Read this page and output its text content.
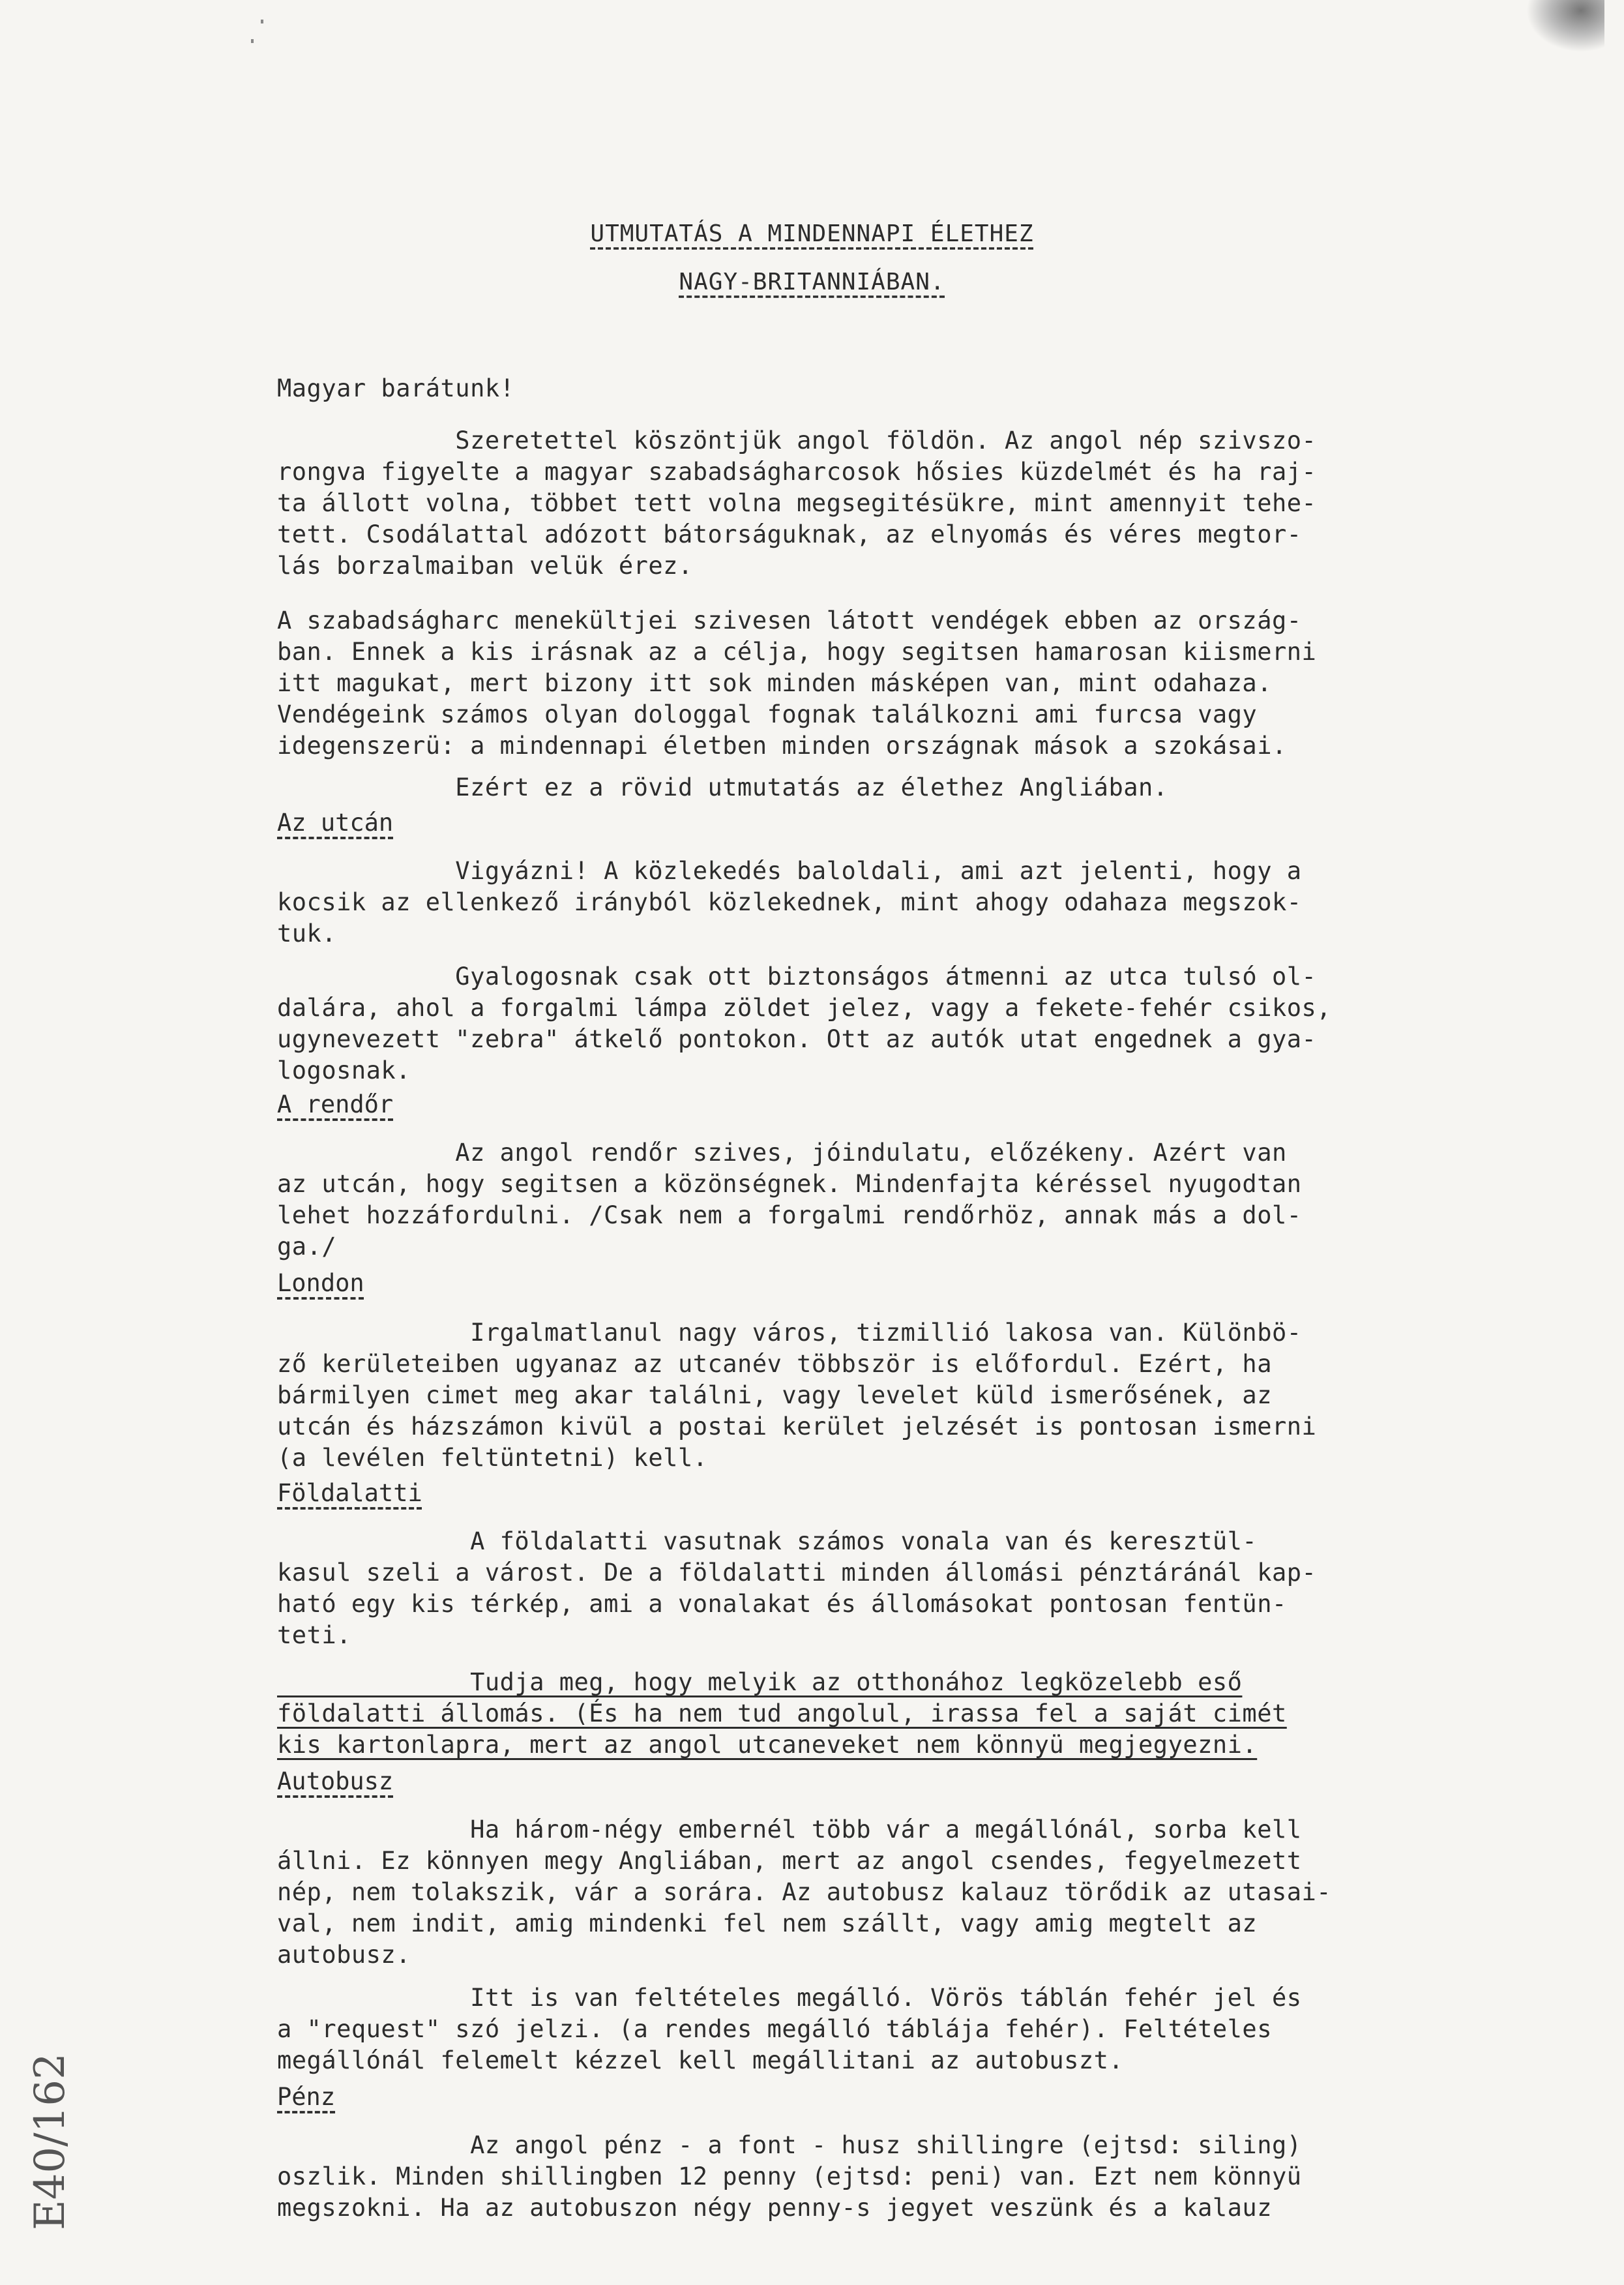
UTMUTATÁS A MINDENNAPI ÉLETHEZ
NAGY-BRITANNIÁBAN.
Magyar barátunk!
Szeretettel köszöntjük angol földön. Az angol nép szivszo-
rongva figyelte a magyar szabadságharcosok hősies küzdelmét és ha raj-
ta állott volna, többet tett volna megsegitésükre, mint amennyit tehe-
tett. Csodálattal adózott bátorságuknak, az elnyomás és véres megtor-
lás borzalmaiban velük érez.
A szabadságharc menekültjei szivesen látott vendégek ebben az ország-
ban. Ennek a kis irásnak az a célja, hogy segitsen hamarosan kiismerni
itt magukat, mert bizony itt sok minden másképen van, mint odahaza.
Vendégeink számos olyan dologgal fognak találkozni ami furcsa vagy
idegenszerü: a mindennapi életben minden országnak mások a szokásai.
Ezért ez a rövid utmutatás az élethez Angliában.
Az utcán
Vigyázni! A közlekedés baloldali, ami azt jelenti, hogy a
kocsik az ellenkező irányból közlekednek, mint ahogy odahaza megszok-
tuk.
Gyalogosnak csak ott biztonságos átmenni az utca tulsó ol-
dalára, ahol a forgalmi lámpa zöldet jelez, vagy a fekete-fehér csikos,
ugynevezett "zebra" átkelő pontokon. Ott az autók utat engednek a gya-
logosnak.
A rendőr
Az angol rendőr szives, jóindulatu, előzékeny. Azért van
az utcán, hogy segitsen a közönségnek. Mindenfajta kéréssel nyugodtan
lehet hozzáfordulni. /Csak nem a forgalmi rendőrhöz, annak más a dol-
ga./
London
Irgalmatlanul nagy város, tizmillió lakosa van. Különbö-
ző kerületeiben ugyanaz az utcanév többször is előfordul. Ezért, ha
bármilyen cimet meg akar találni, vagy levelet küld ismerősének, az
utcán és házszámon kivül a postai kerület jelzését is pontosan ismerni
(a levélen feltüntetni) kell.
Földalatti
A földalatti vasutnak számos vonala van és keresztül-
kasul szeli a várost. De a földalatti minden állomási pénztáránál kap-
ható egy kis térkép, ami a vonalakat és állomásokat pontosan fentün-
teti.
Tudja meg, hogy melyik az otthonához legközelebb eső
földalatti állomás. (És ha nem tud angolul, irassa fel a saját cimét
kis kartonlapra, mert az angol utcaneveket nem könnyü megjegyezni.
Autobusz
Ha három-négy embernél több vár a megállónál, sorba kell
állni. Ez könnyen megy Angliában, mert az angol csendes, fegyelmezett
nép, nem tolakszik, vár a sorára. Az autobusz kalauz törődik az utasai-
val, nem indit, amig mindenki fel nem szállt, vagy amig megtelt az
autobusz.
Itt is van feltételes megálló. Vörös táblán fehér jel és
a "request" szó jelzi. (a rendes megálló táblája fehér). Feltételes
megállónál felemelt kézzel kell megállitani az autobuszt.
Pénz
Az angol pénz - a font - husz shillingre (ejtsd: siling)
oszlik. Minden shillingben 12 penny (ejtsd: peni) van. Ezt nem könnyü
megszokni. Ha az autobuszon négy penny-s jegyet veszünk és a kalauz
E40/162
